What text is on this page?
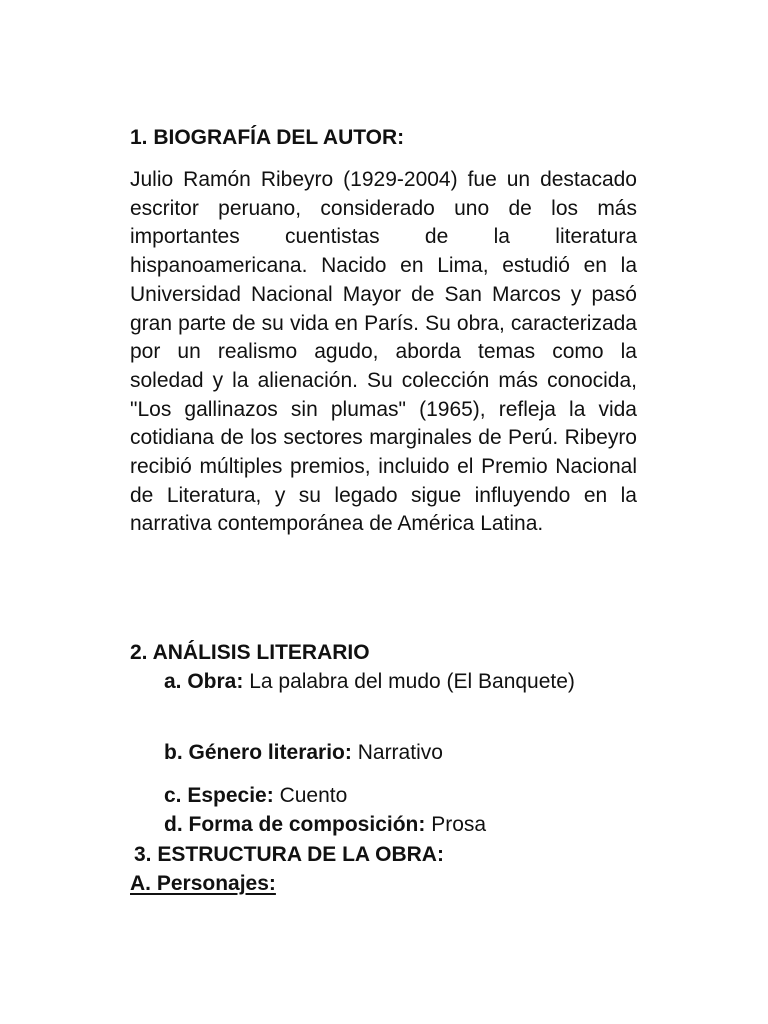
1. BIOGRAFÍA DEL AUTOR:
Julio Ramón Ribeyro (1929-2004) fue un destacado escritor peruano, considerado uno de los más importantes cuentistas de la literatura hispanoamericana. Nacido en Lima, estudió en la Universidad Nacional Mayor de San Marcos y pasó gran parte de su vida en París. Su obra, caracterizada por un realismo agudo, aborda temas como la soledad y la alienación. Su colección más conocida, "Los gallinazos sin plumas" (1965), refleja la vida cotidiana de los sectores marginales de Perú. Ribeyro recibió múltiples premios, incluido el Premio Nacional de Literatura, y su legado sigue influyendo en la narrativa contemporánea de América Latina.
2. ANÁLISIS LITERARIO
a. Obra: La palabra del mudo (El Banquete)
b. Género literario: Narrativo
c. Especie: Cuento
d. Forma de composición: Prosa
3. ESTRUCTURA DE LA OBRA:
A. Personajes:
